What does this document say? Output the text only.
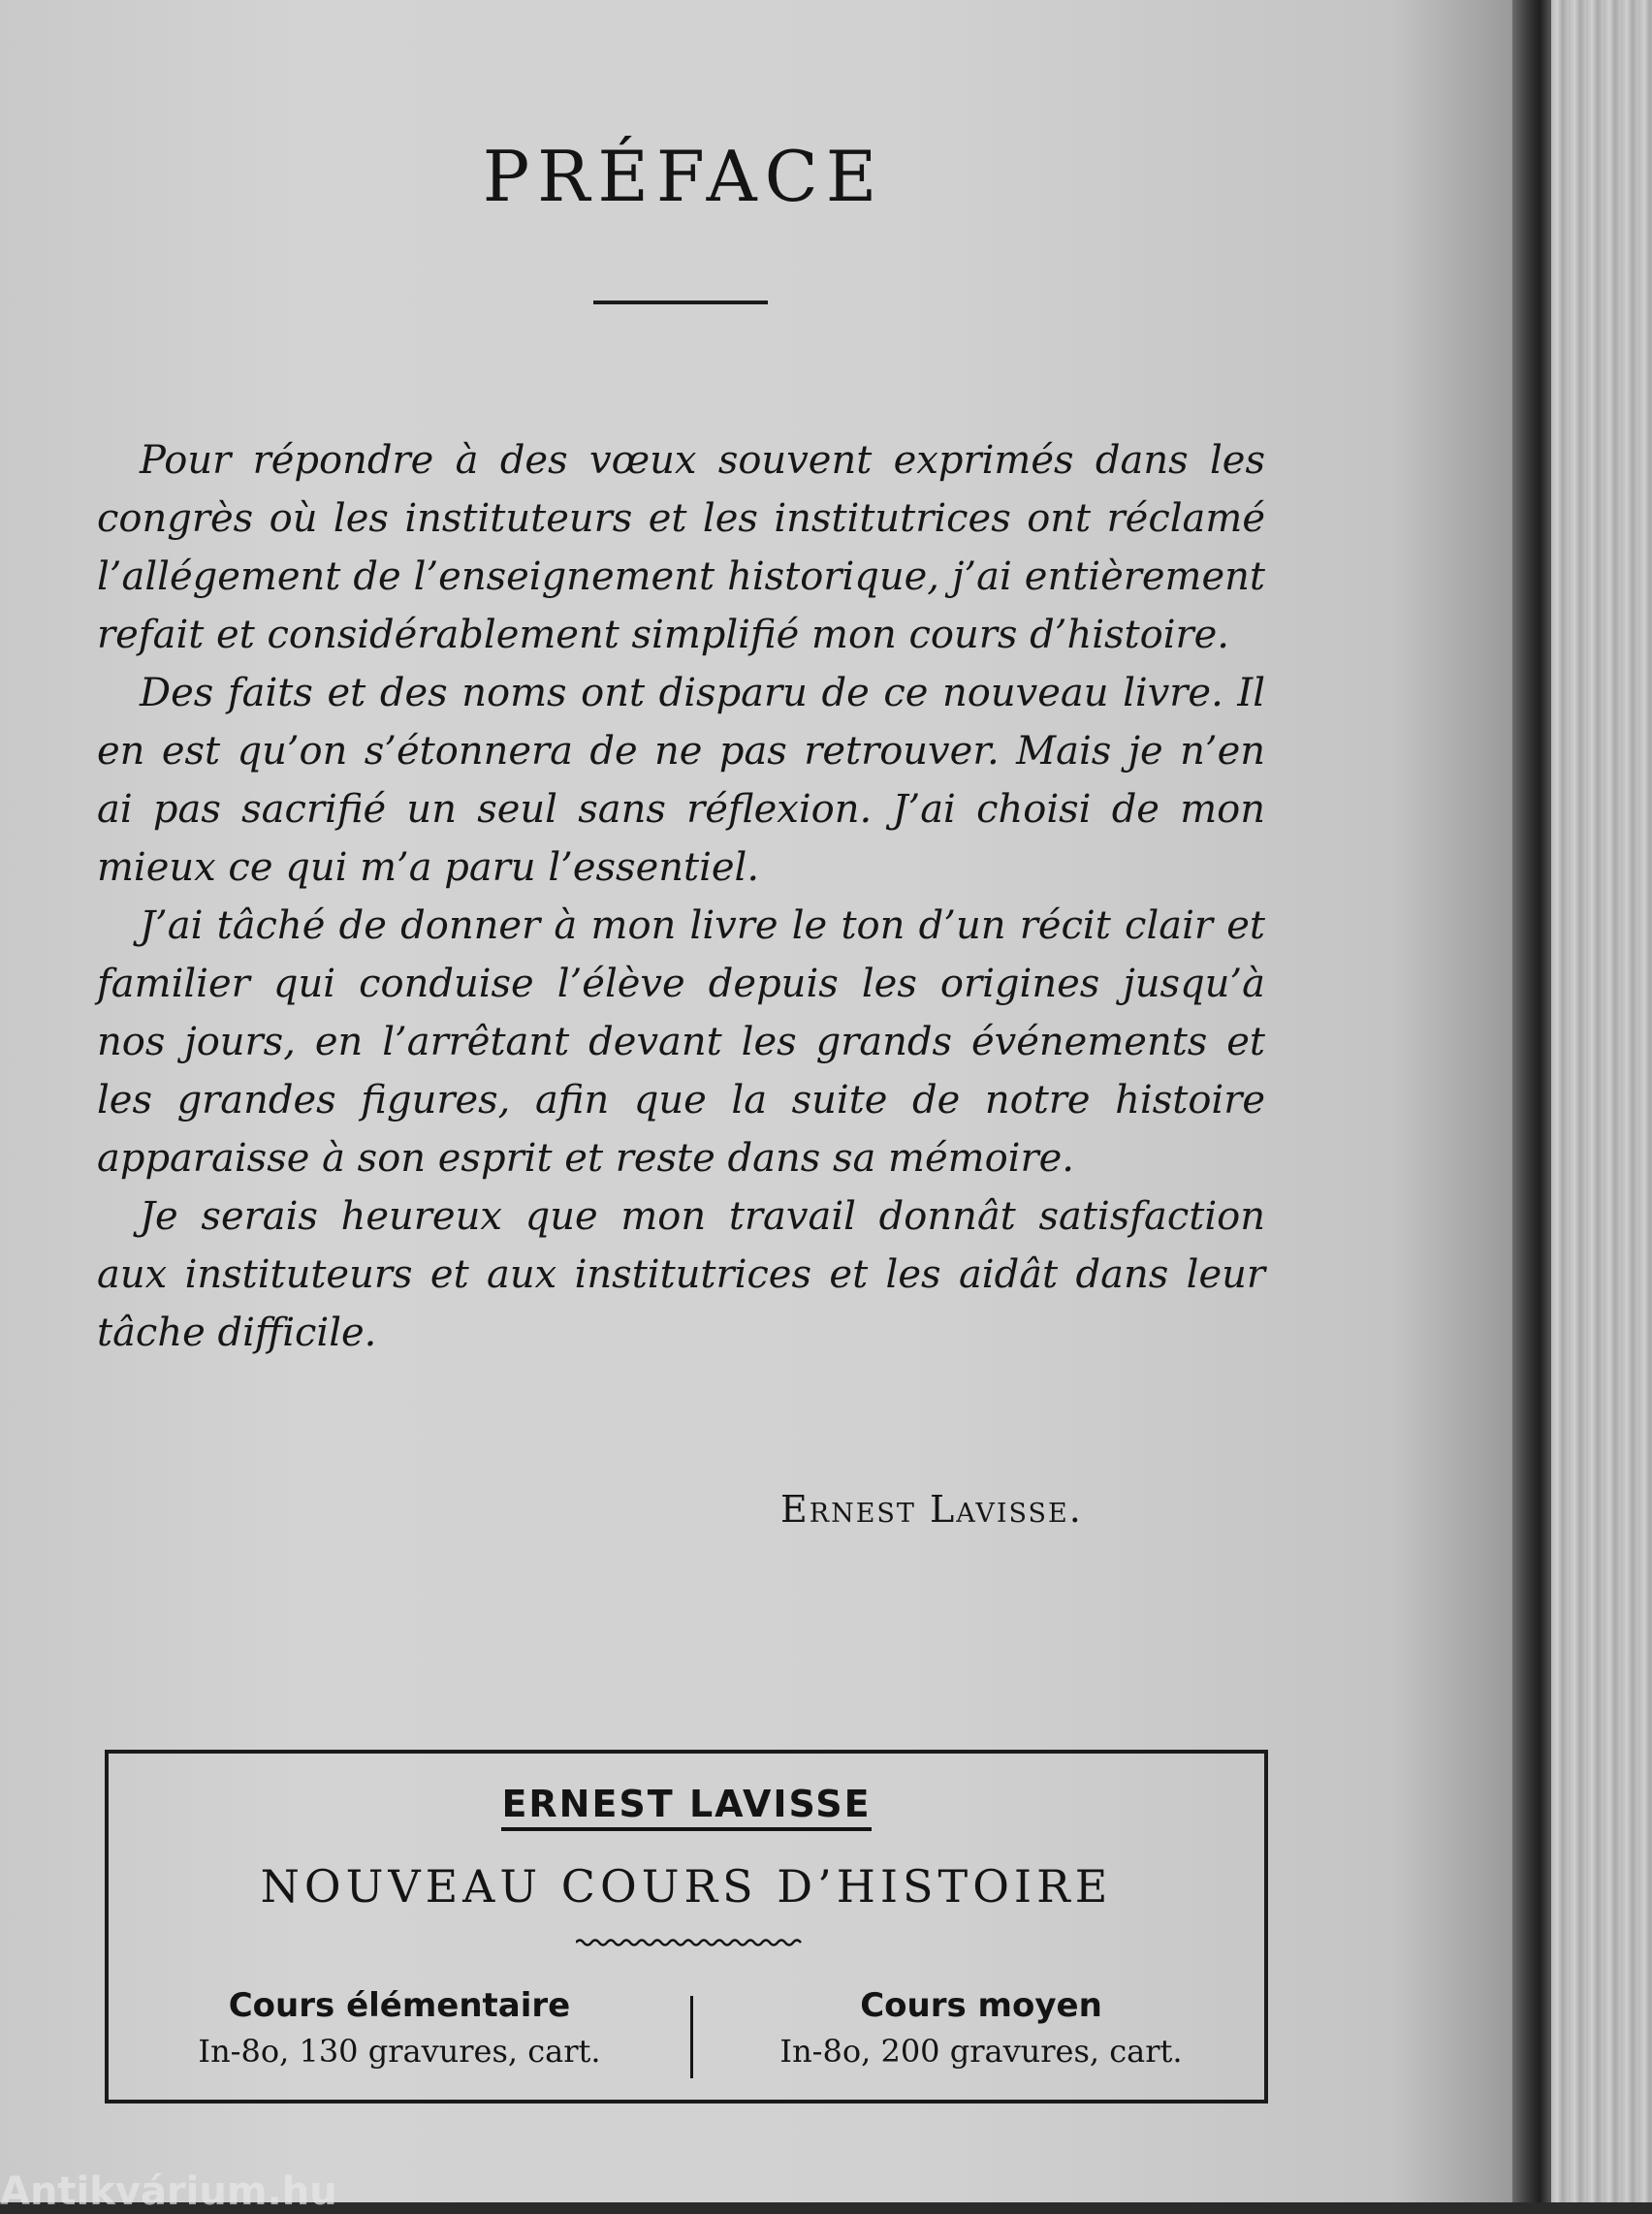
PRÉFACE

Pour répondre à des vœux souvent exprimés dans les congrès où les instituteurs et les institutrices ont réclamé l’allégement de l’enseignement historique, j’ai entièrement refait et considérablement simplifié mon cours d’histoire.

Des faits et des noms ont disparu de ce nouveau livre. Il en est qu’on s’étonnera de ne pas retrouver. Mais je n’en ai pas sacrifié un seul sans réflexion. J’ai choisi de mon mieux ce qui m’a paru l’essentiel.

J’ai tâché de donner à mon livre le ton d’un récit clair et familier qui conduise l’élève depuis les origines jusqu’à nos jours, en l’arrêtant devant les grands événements et les grandes figures, afin que la suite de notre histoire apparaisse à son esprit et reste dans sa mémoire.

Je serais heureux que mon travail donnât satisfaction aux instituteurs et aux institutrices et les aidât dans leur tâche difficile.

Ernest Lavisse.
ERNEST LAVISSE
NOUVEAU COURS D’HISTOIRE
Cours élémentaire
In-8o, 130 gravures, cart.
Cours moyen
In-8o, 200 gravures, cart.
Antikvárium.hu
